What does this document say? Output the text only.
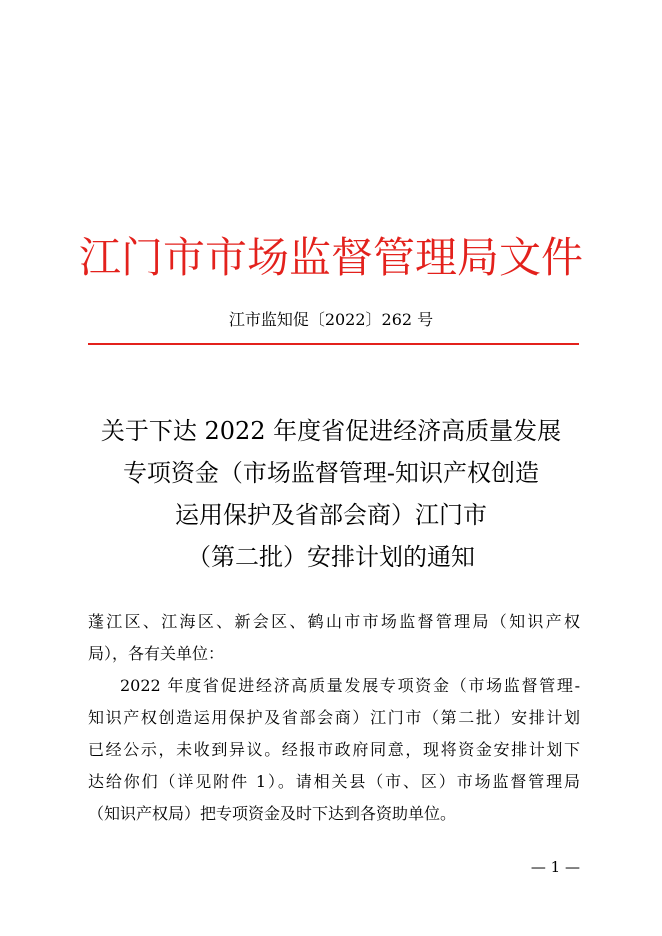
江门市市场监督管理局文件
江市监知促〔2022〕262 号
关于下达 2022 年度省促进经济高质量发展
专项资金（市场监督管理-知识产权创造
运用保护及省部会商）江门市
（第二批）安排计划的通知
蓬江区、江海区、新会区、鹤山市市场监督管理局（知识产权
局），各有关单位：
2022 年度省促进经济高质量发展专项资金（市场监督管理-
知识产权创造运用保护及省部会商）江门市（第二批）安排计划
已经公示，未收到异议。经报市政府同意，现将资金安排计划下
达给你们（详见附件 1）。请相关县（市、区）市场监督管理局
（知识产权局）把专项资金及时下达到各资助单位。
— 1 —
